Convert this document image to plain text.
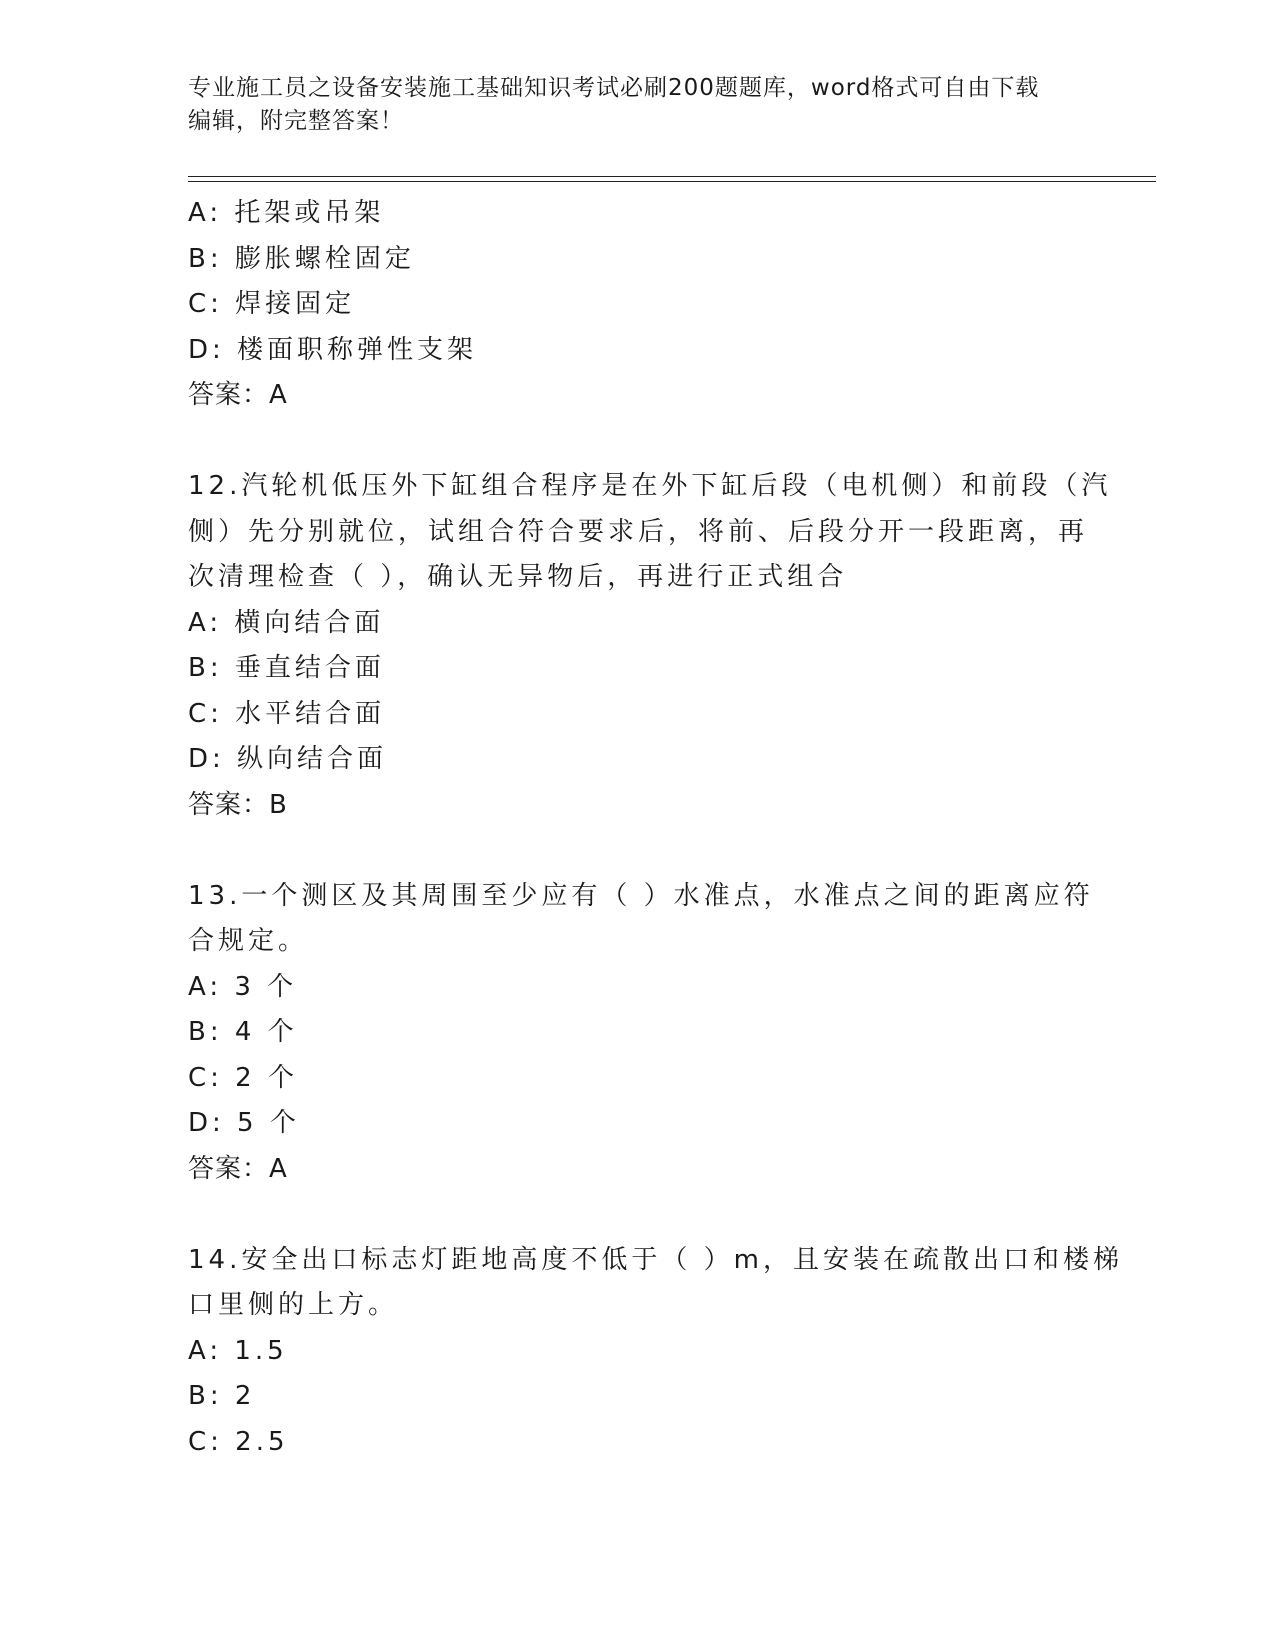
专业施工员之设备安装施工基础知识考试必刷200题题库，word格式可自由下载
编辑，附完整答案！
A: 托架或吊架
B: 膨胀螺栓固定
C: 焊接固定
D: 楼面职称弹性支架
答案：A
12.汽轮机低压外下缸组合程序是在外下缸后段（电机侧）和前段（汽
侧）先分别就位，试组合符合要求后，将前、后段分开一段距离，再
次清理检查（ ），确认无异物后，再进行正式组合
A: 横向结合面
B: 垂直结合面
C: 水平结合面
D: 纵向结合面
答案：B
13.一个测区及其周围至少应有（ ）水准点，水准点之间的距离应符
合规定。
A: 3 个
B: 4 个
C: 2 个
D: 5 个
答案：A
14.安全出口标志灯距地高度不低于（ ）m，且安装在疏散出口和楼梯
口里侧的上方。
A: 1.5
B: 2
C: 2.5
